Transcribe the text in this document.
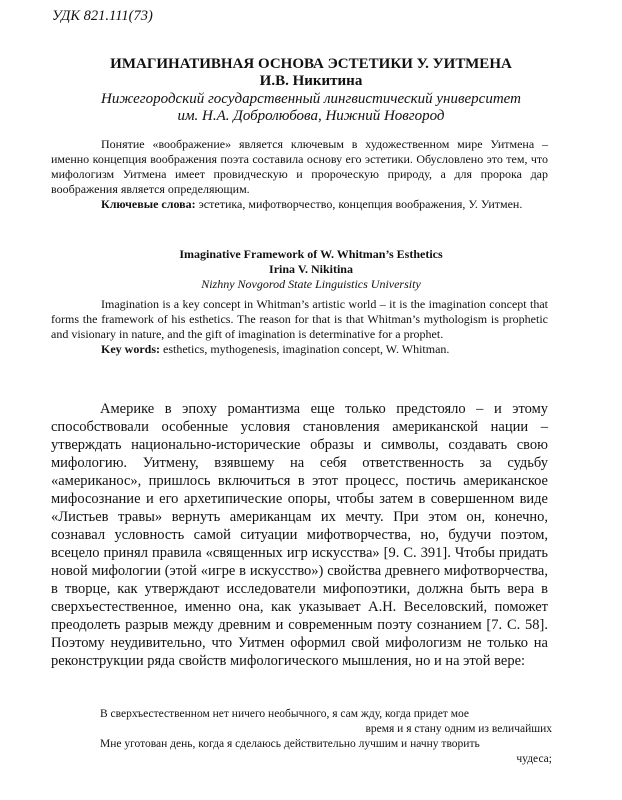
УДК 821.111(73)
ИМАГИНАТИВНАЯ ОСНОВА ЭСТЕТИКИ У. УИТМЕНА
И.В. Никитина
Нижегородский государственный лингвистический университет
им. Н.А. Добролюбова, Нижний Новгород

Понятие «воображение» является ключевым в художественном мире Уитмена – именно концепция воображения поэта составила основу его эстетики. Обусловлено это тем, что мифологизм Уитмена имеет провидческую и пророческую природу, а для пророка дар воображения является определяющим.

Ключевые слова: эстетика, мифотворчество, концепция воображения, У. Уитмен.

Imaginative Framework of W. Whitman’s Esthetics
Irina V. Nikitina
Nizhny Novgorod State Linguistics University

Imagination is a key concept in Whitman’s artistic world – it is the imagination concept that forms the framework of his esthetics. The reason for that is that Whitman’s mythologism is prophetic and visionary in nature, and the gift of imagination is determinative for a prophet.

Key words: esthetics, mythogenesis, imagination concept, W. Whitman.

Америке в эпоху романтизма еще только предстояло – и этому способствовали особенные условия становления американской нации – утверждать национально-исторические образы и символы, создавать свою мифологию. Уитмену, взявшему на себя ответственность за судьбу «американос», пришлось включиться в этот процесс, постичь американское мифосознание и его архетипические опоры, чтобы затем в совершенном виде «Листьев травы» вернуть американцам их мечту. При этом он, конечно, сознавал условность самой ситуации мифотворчества, но, будучи поэтом, всецело принял правила «священных игр искусства» [9. С. 391]. Чтобы придать новой мифологии (этой «игре в искусство») свойства древнего мифотворчества, в творце, как утверждают исследователи мифопоэтики, должна быть вера в сверхъестественное, именно она, как указывает А.Н. Веселовский, поможет преодолеть разрыв между древним и современным поэту сознанием [7. С. 58]. Поэтому неудивительно, что Уитмен оформил свой мифологизм не только на реконструкции ряда свойств мифологического мышления, но и на этой вере:

В сверхъестественном нет ничего необычного, я сам жду, когда придет мое
время и я стану одним из величайших
Мне уготован день, когда я сделаюсь действительно лучшим и начну творить
чудеса;
